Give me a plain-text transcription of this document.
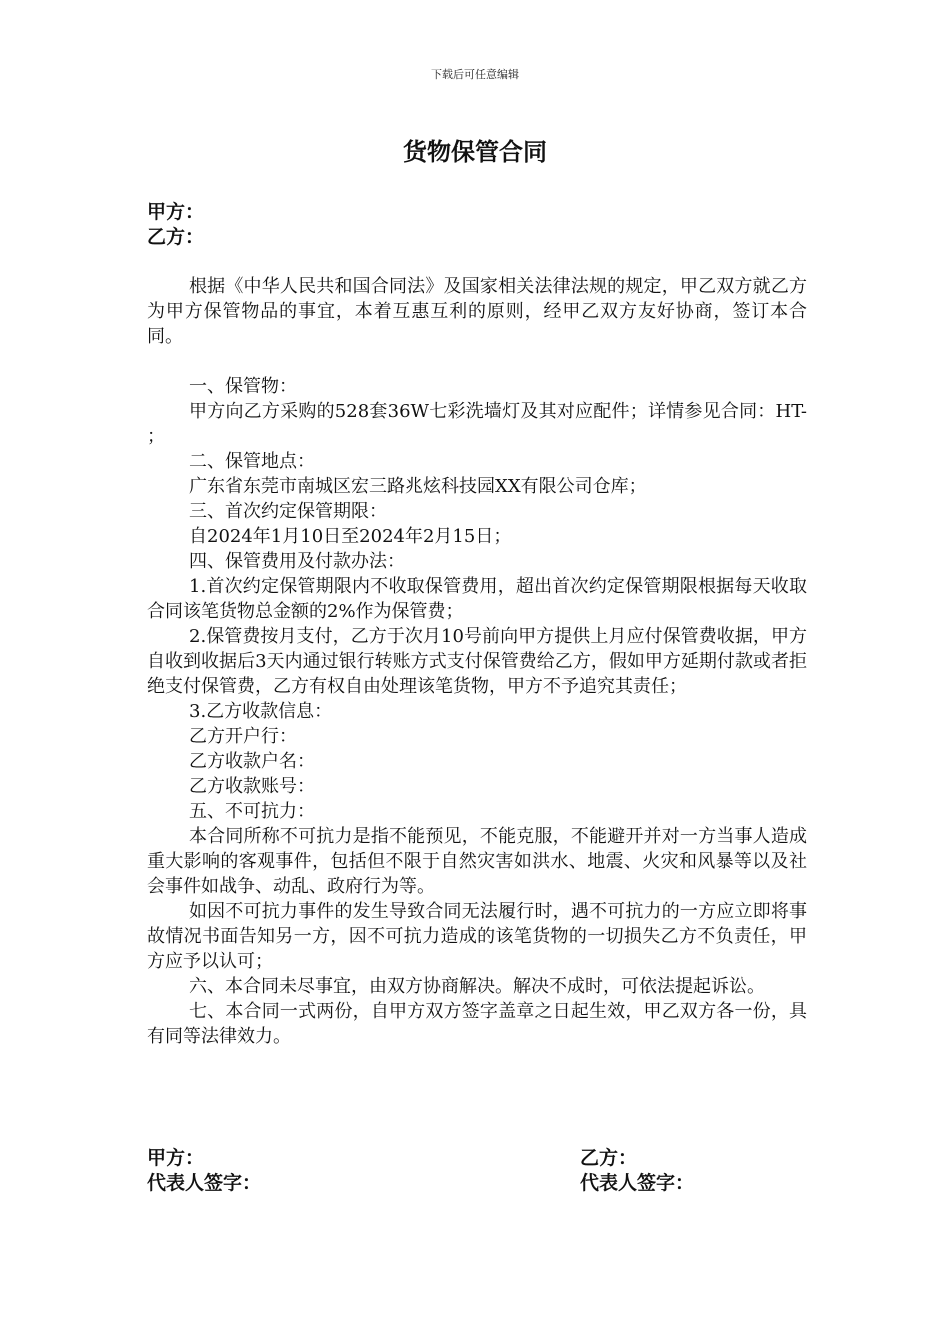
下载后可任意编辑
货物保管合同
甲方：
乙方：

根据《中华人民共和国合同法》及国家相关法律法规的规定，甲乙双方就乙方为甲方保管物品的事宜，本着互惠互利的原则，经甲乙双方友好协商，签订本合同。

一、保管物：

甲方向乙方采购的528套36W七彩洗墙灯及其对应配件；详情参见合同：HT- ；

二、保管地点：

广东省东莞市南城区宏三路兆炫科技园XX有限公司仓库；

三、首次约定保管期限：

自2024年1月10日至2024年2月15日；

四、保管费用及付款办法：

1.首次约定保管期限内不收取保管费用，超出首次约定保管期限根据每天收取合同该笔货物总金额的2%作为保管费；

2.保管费按月支付，乙方于次月10号前向甲方提供上月应付保管费收据，甲方自收到收据后3天内通过银行转账方式支付保管费给乙方，假如甲方延期付款或者拒绝支付保管费，乙方有权自由处理该笔货物，甲方不予追究其责任；

3.乙方收款信息：

乙方开户行：

乙方收款户名：

乙方收款账号：

五、不可抗力：

本合同所称不可抗力是指不能预见，不能克服，不能避开并对一方当事人造成重大影响的客观事件，包括但不限于自然灾害如洪水、地震、火灾和风暴等以及社会事件如战争、动乱、政府行为等。

如因不可抗力事件的发生导致合同无法履行时，遇不可抗力的一方应立即将事故情况书面告知另一方，因不可抗力造成的该笔货物的一切损失乙方不负责任，甲方应予以认可；

六、本合同未尽事宜，由双方协商解决。解决不成时，可依法提起诉讼。

七、本合同一式两份，自甲方双方签字盖章之日起生效，甲乙双方各一份，具有同等法律效力。

甲方：
代表人签字：
乙方：
代表人签字：
